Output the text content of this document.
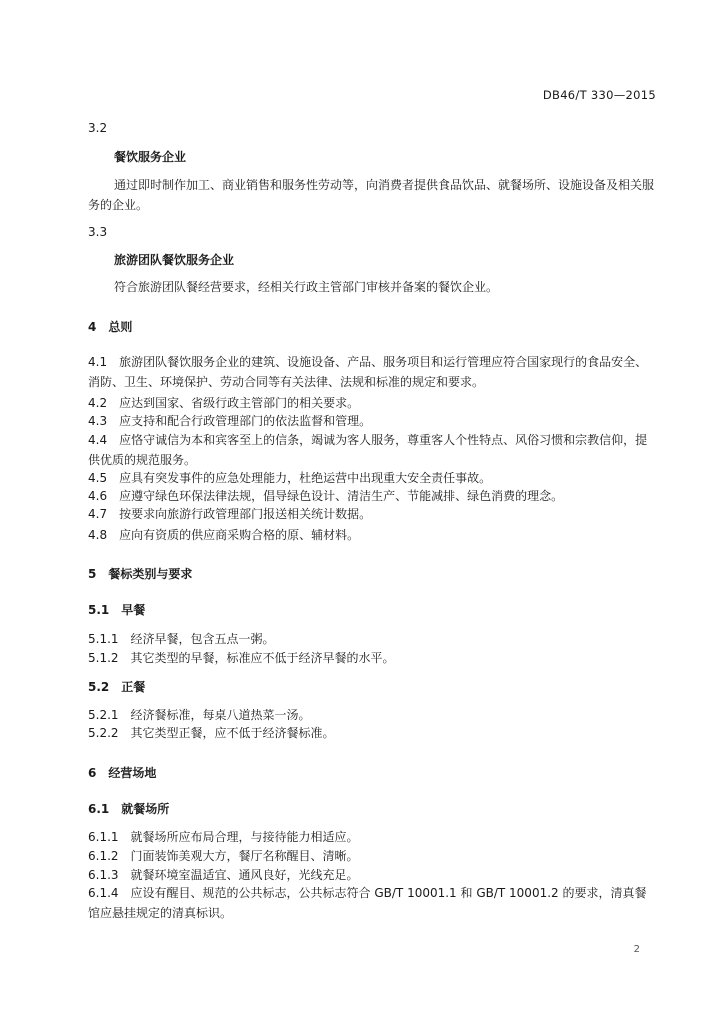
DB46/T 330—2015
3.2
餐饮服务企业
通过即时制作加工、商业销售和服务性劳动等，向消费者提供食品饮品、就餐场所、设施设备及相关服务的企业。
3.3
旅游团队餐饮服务企业
符合旅游团队餐经营要求，经相关行政主管部门审核并备案的餐饮企业。
4　总则
4.1　旅游团队餐饮服务企业的建筑、设施设备、产品、服务项目和运行管理应符合国家现行的食品安全、消防、卫生、环境保护、劳动合同等有关法律、法规和标准的规定和要求。
4.2　应达到国家、省级行政主管部门的相关要求。
4.3　应支持和配合行政管理部门的依法监督和管理。
4.4　应恪守诚信为本和宾客至上的信条，竭诚为客人服务，尊重客人个性特点、风俗习惯和宗教信仰，提供优质的规范服务。
4.5　应具有突发事件的应急处理能力，杜绝运营中出现重大安全责任事故。
4.6　应遵守绿色环保法律法规，倡导绿色设计、清洁生产、节能减排、绿色消费的理念。
4.7　按要求向旅游行政管理部门报送相关统计数据。
4.8　应向有资质的供应商采购合格的原、辅材料。
5　餐标类别与要求
5.1　早餐
5.1.1　经济早餐，包含五点一粥。
5.1.2　其它类型的早餐，标准应不低于经济早餐的水平。
5.2　正餐
5.2.1　经济餐标准，每桌八道热菜一汤。
5.2.2　其它类型正餐，应不低于经济餐标准。
6　经营场地
6.1　就餐场所
6.1.1　就餐场所应布局合理，与接待能力相适应。
6.1.2　门面装饰美观大方，餐厅名称醒目、清晰。
6.1.3　就餐环境室温适宜、通风良好，光线充足。
6.1.4　应设有醒目、规范的公共标志，公共标志符合 GB/T 10001.1 和 GB/T 10001.2 的要求，清真餐馆应悬挂规定的清真标识。
2
